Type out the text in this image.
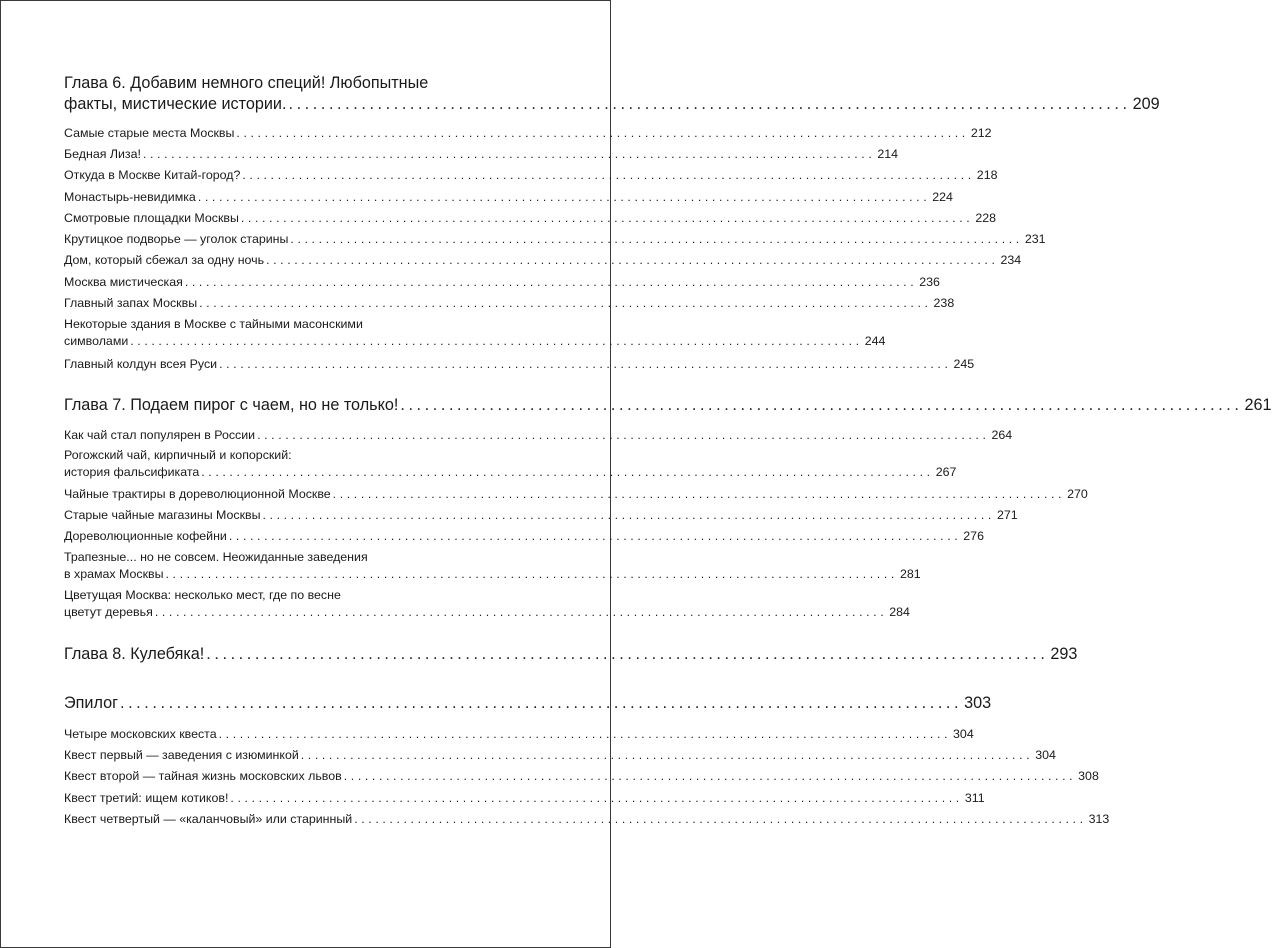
Глава 6. Добавим немного специй! Любопытные
факты, мистические истории. ........................................................................................................ 209
Самые старые места Москвы ........................................................................................................ 212
Бедная Лиза! ........................................................................................................ 214
Откуда в Москве Китай-город? ........................................................................................................ 218
Монастырь-невидимка ........................................................................................................ 224
Смотровые площадки Москвы ........................................................................................................ 228
Крутицкое подворье — уголок старины ........................................................................................................ 231
Дом, который сбежал за одну ночь ........................................................................................................ 234
Москва мистическая ........................................................................................................ 236
Главный запах Москвы ........................................................................................................ 238
Некоторые здания в Москве с тайными масонскими
символами ........................................................................................................ 244
Главный колдун всея Руси ........................................................................................................ 245
Глава 7. Подаем пирог с чаем, но не только! ........................................................................................................ 261
Как чай стал популярен в России ........................................................................................................ 264
Рогожский чай, кирпичный и копорский:
история фальсификата ........................................................................................................ 267
Чайные трактиры в дореволюционной Москве ........................................................................................................ 270
Старые чайные магазины Москвы ........................................................................................................ 271
Дореволюционные кофейни ........................................................................................................ 276
Трапезные... но не совсем. Неожиданные заведения
в храмах Москвы ........................................................................................................ 281
Цветущая Москва: несколько мест, где по весне
цветут деревья ........................................................................................................ 284
Глава 8. Кулебяка! ........................................................................................................ 293
Эпилог ........................................................................................................ 303
Четыре московских квеста ........................................................................................................ 304
Квест первый — заведения с изюминкой ........................................................................................................ 304
Квест второй — тайная жизнь московских львов ........................................................................................................ 308
Квест третий: ищем котиков! ........................................................................................................ 311
Квест четвертый — «каланчовый» или старинный ........................................................................................................ 313
